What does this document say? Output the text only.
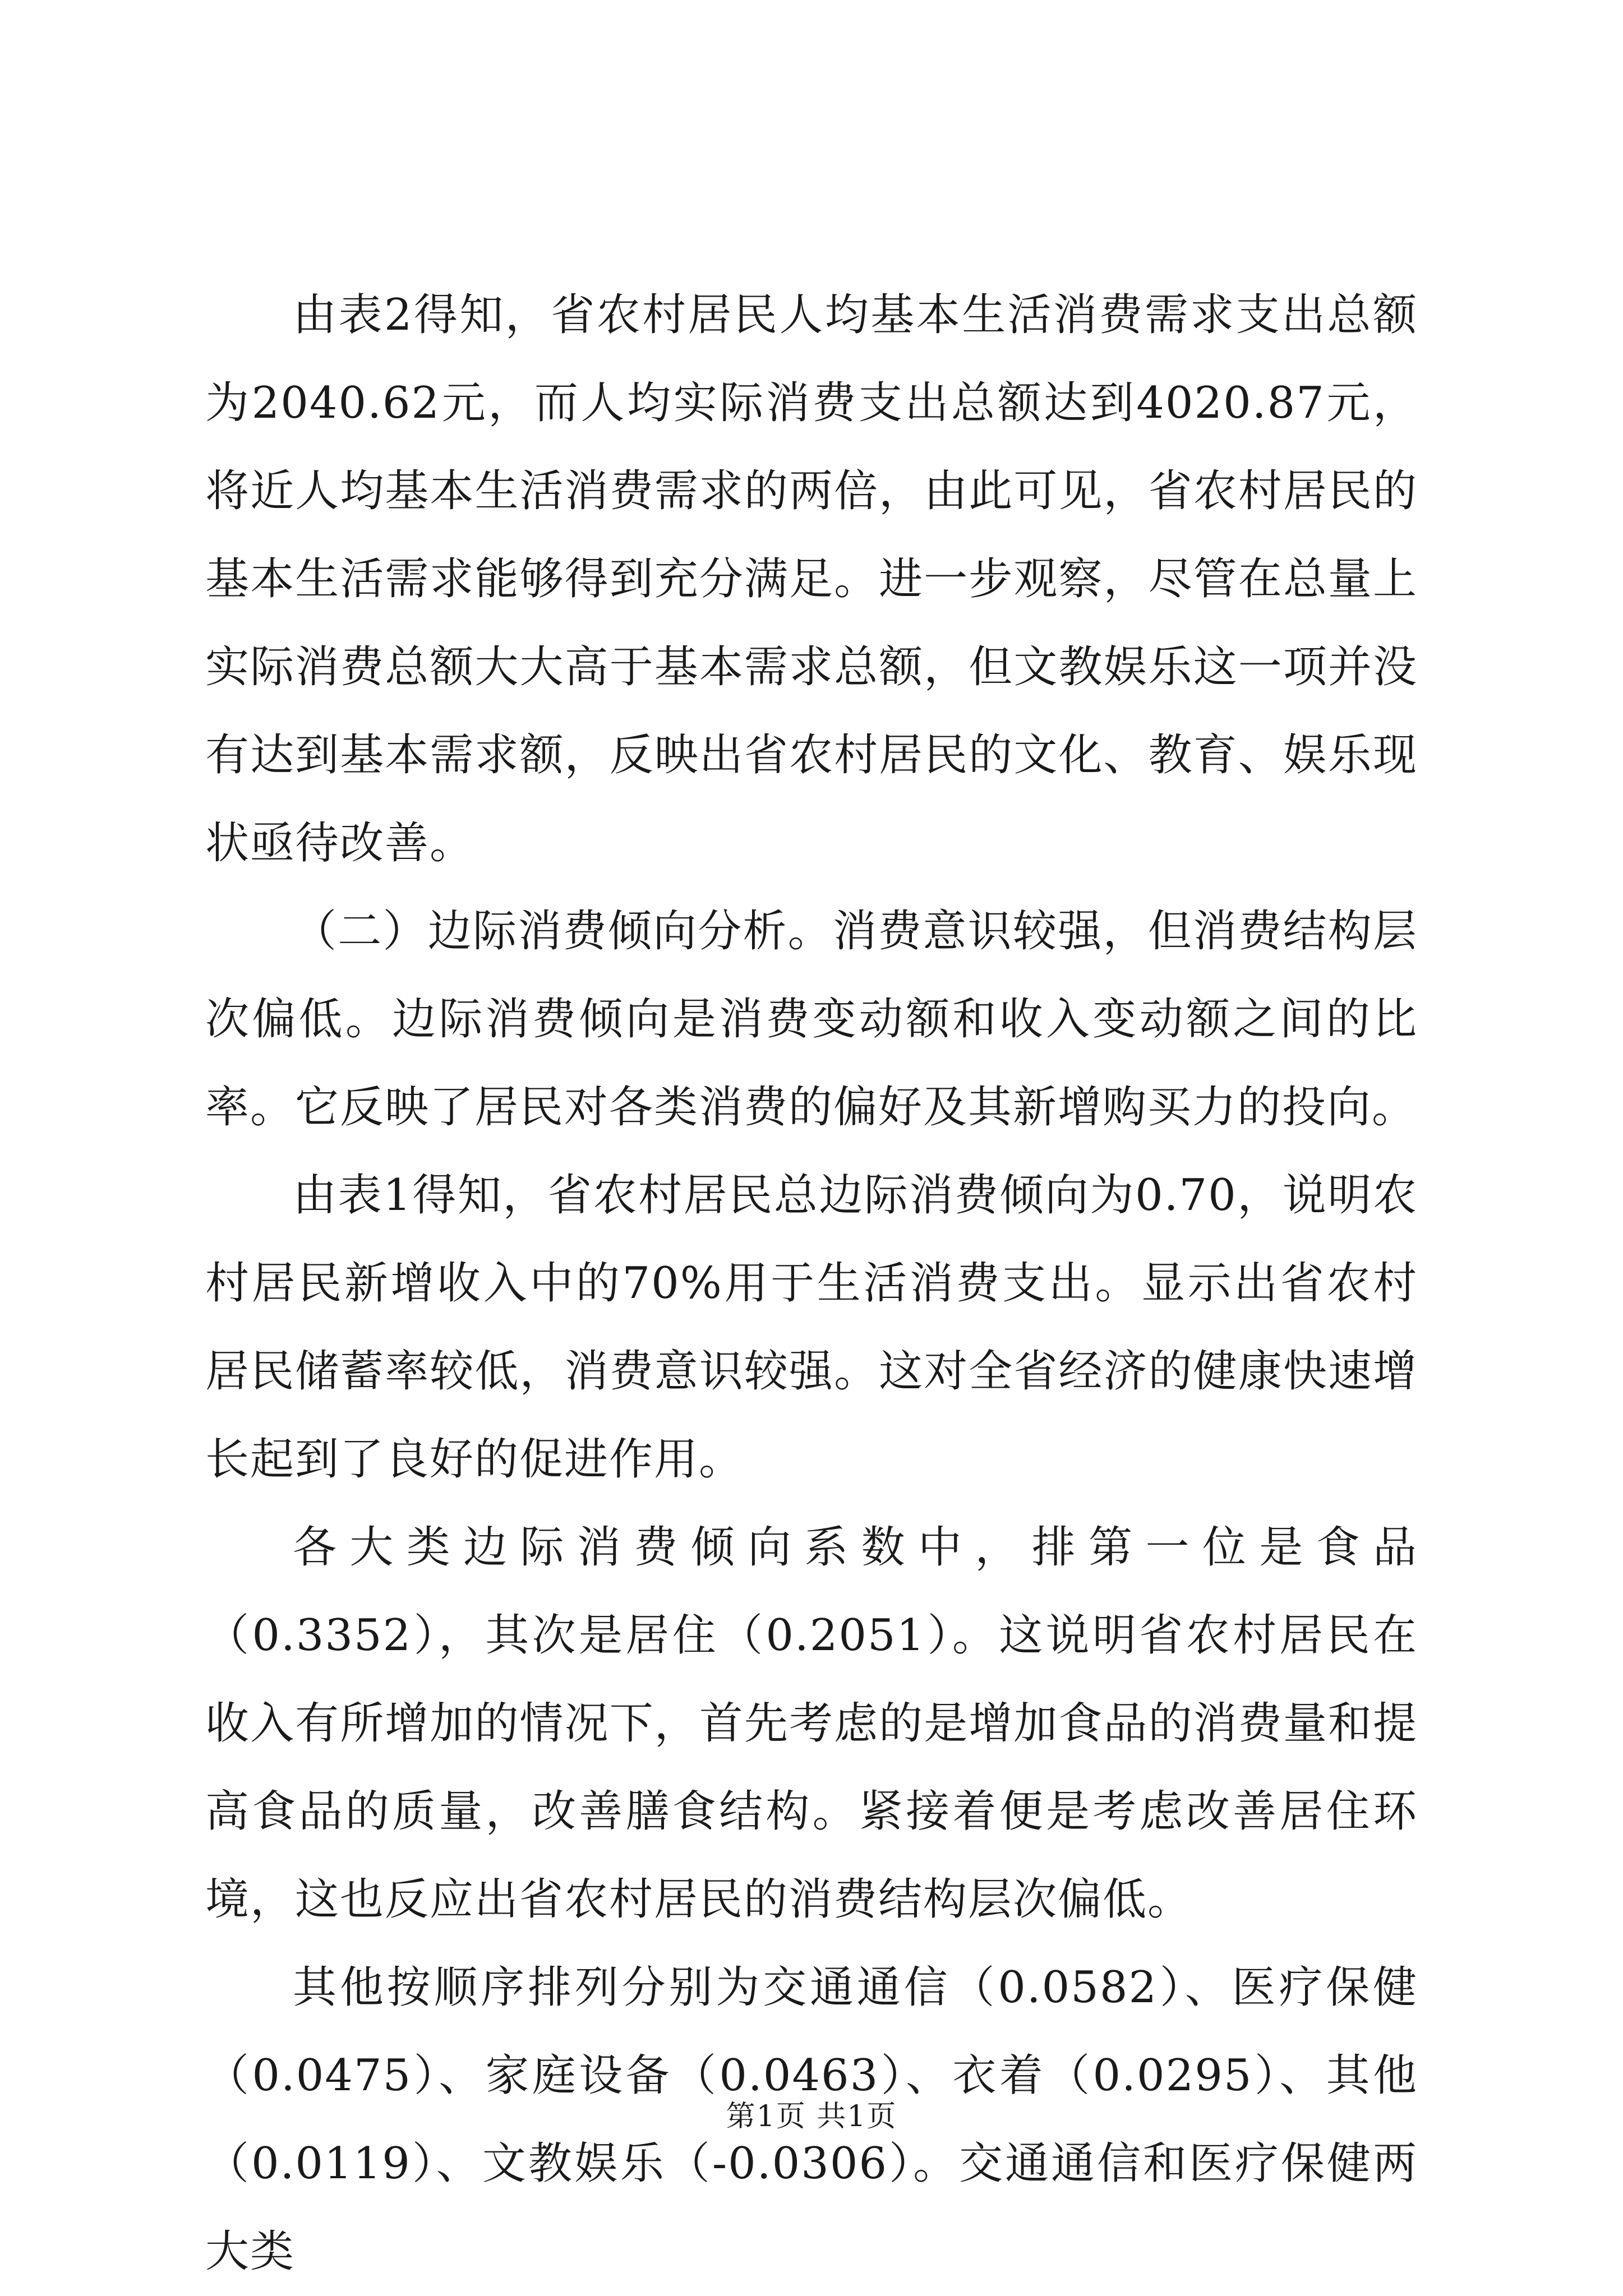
由表2得知，省农村居民人均基本生活消费需求支出总额为2040.62元，而人均实际消费支出总额达到4020.87元，将近人均基本生活消费需求的两倍，由此可见，省农村居民的基本生活需求能够得到充分满足。进一步观察，尽管在总量上实际消费总额大大高于基本需求总额，但文教娱乐这一项并没有达到基本需求额，反映出省农村居民的文化、教育、娱乐现状亟待改善。

（二）边际消费倾向分析。消费意识较强，但消费结构层次偏低。边际消费倾向是消费变动额和收入变动额之间的比率。它反映了居民对各类消费的偏好及其新增购买力的投向。

由表1得知，省农村居民总边际消费倾向为0.70，说明农村居民新增收入中的70%用于生活消费支出。显示出省农村居民储蓄率较低，消费意识较强。这对全省经济的健康快速增长起到了良好的促进作用。

各大类边际消费倾向系数中，排第一位是食品（0.3352），其次是居住（0.2051）。这说明省农村居民在收入有所增加的情况下，首先考虑的是增加食品的消费量和提高食品的质量，改善膳食结构。紧接着便是考虑改善居住环境，这也反应出省农村居民的消费结构层次偏低。

其他按顺序排列分别为交通通信（0.0582）、医疗保健（0.0475）、家庭设备（0.0463）、衣着（0.0295）、其他（0.0119）、文教娱乐（-0.0306）。交通通信和医疗保健两大类

第1页 共1页
